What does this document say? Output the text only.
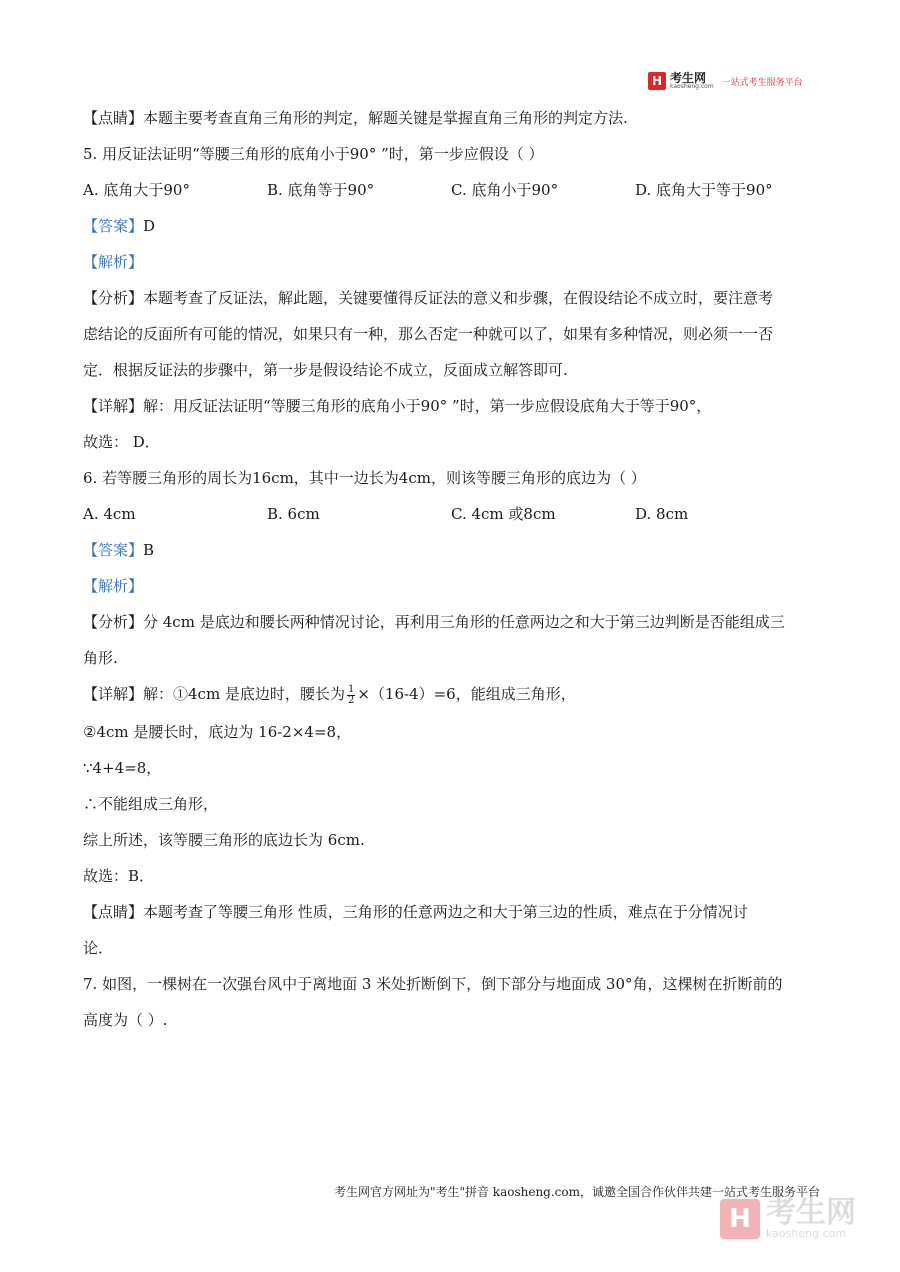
H 考生网
kaosheng.com 一站式考生服务平台

【点睛】本题主要考查直角三角形的判定，解题关键是掌握直角三角形的判定方法.

5. 用反证法证明“等腰三角形的底角小于90° ”时，第一步应假设（ ）

A. 底角大于90°	B. 底角等于90°	C. 底角小于90°	D. 底角大于等于90°

【答案】D

【解析】

【分析】本题考查了反证法，解此题，关键要懂得反证法的意义和步骤，在假设结论不成立时，要注意考

虑结论的反面所有可能的情况，如果只有一种，那么否定一种就可以了，如果有多种情况，则必须一一否

定．根据反证法的步骤中，第一步是假设结论不成立，反面成立解答即可.

【详解】解：用反证法证明“等腰三角形的底角小于90° ”时，第一步应假设底角大于等于90°，

故选： D．

6. 若等腰三角形的周长为16cm，其中一边长为4cm，则该等腰三角形的底边为（ ）

A. 4cm	B. 6cm	C. 4cm 或8cm	D. 8cm

【答案】B

【解析】

【分析】分 4cm 是底边和腰长两种情况讨论，再利用三角形的任意两边之和大于第三边判断是否能组成三

角形.

【详解】解：①4cm 是底边时，腰长为 $\frac{1}{2} \times(16-4)=6$，能组成三角形，

②4cm 是腰长时，底边为 16-2×4=8，

∵4+4=8，

∴不能组成三角形，

综上所述，该等腰三角形的底边长为 6cm.

故选：B．

【点睛】本题考查了等腰三角形 性质，三角形的任意两边之和大于第三边的性质，难点在于分情况讨

论．

7. 如图，一棵树在一次强台风中于离地面 3 米处折断倒下，倒下部分与地面成 30°角，这棵树在折断前的

高度为（ ）.

考生网官方网址为"考生"拼音 kaosheng.com，诚邀全国合作伙伴共建一站式考生服务平台
H 考生网
kaosheng.com
